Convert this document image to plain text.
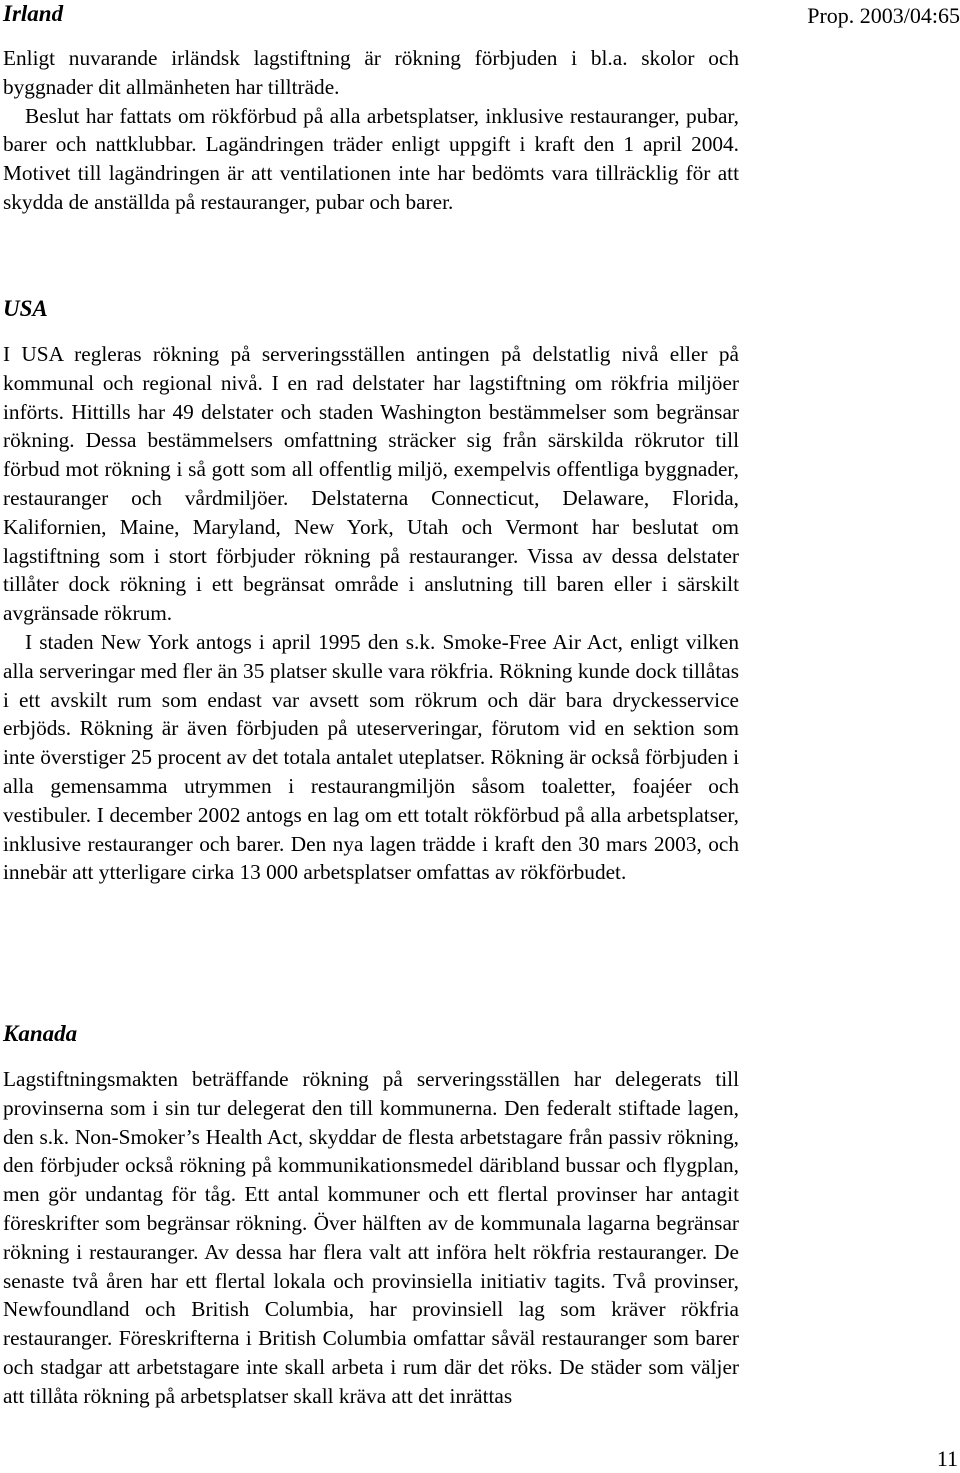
Prop. 2003/04:65
Irland

Enligt nuvarande irländsk lagstiftning är rökning förbjuden i bl.a. skolor och byggnader dit allmänheten har tillträde.

Beslut har fattats om rökförbud på alla arbetsplatser, inklusive restauranger, pubar, barer och nattklubbar. Lagändringen träder enligt uppgift i kraft den 1 april 2004. Motivet till lagändringen är att ventilationen inte har bedömts vara tillräcklig för att skydda de anställda på restauranger, pubar och barer.

USA

I USA regleras rökning på serveringsställen antingen på delstatlig nivå eller på kommunal och regional nivå. I en rad delstater har lagstiftning om rökfria miljöer införts. Hittills har 49 delstater och staden Washington bestämmelser som begränsar rökning. Dessa bestämmelsers omfattning sträcker sig från särskilda rökrutor till förbud mot rökning i så gott som all offentlig miljö, exempelvis offentliga byggnader, restauranger och vårdmiljöer. Delstaterna Connecticut, Delaware, Florida, Kalifornien, Maine, Maryland, New York, Utah och Vermont har beslutat om lagstiftning som i stort förbjuder rökning på restauranger. Vissa av dessa delstater tillåter dock rökning i ett begränsat område i anslutning till baren eller i särskilt avgränsade rökrum.

I staden New York antogs i april 1995 den s.k. Smoke-Free Air Act, enligt vilken alla serveringar med fler än 35 platser skulle vara rökfria. Rökning kunde dock tillåtas i ett avskilt rum som endast var avsett som rökrum och där bara dryckesservice erbjöds. Rökning är även förbjuden på uteserveringar, förutom vid en sektion som inte överstiger 25 procent av det totala antalet uteplatser. Rökning är också förbjuden i alla gemensamma utrymmen i restaurangmiljön såsom toaletter, foajéer och vestibuler. I december 2002 antogs en lag om ett totalt rökförbud på alla arbetsplatser, inklusive restauranger och barer. Den nya lagen trädde i kraft den 30 mars 2003, och innebär att ytterligare cirka 13 000 arbetsplatser omfattas av rökförbudet.

Kanada

Lagstiftningsmakten beträffande rökning på serveringsställen har delegerats till provinserna som i sin tur delegerat den till kommunerna. Den federalt stiftade lagen, den s.k. Non-Smoker’s Health Act, skyddar de flesta arbetstagare från passiv rökning, den förbjuder också rökning på kommunikationsmedel däribland bussar och flygplan, men gör undantag för tåg. Ett antal kommuner och ett flertal provinser har antagit föreskrifter som begränsar rökning. Över hälften av de kommunala lagarna begränsar rökning i restauranger. Av dessa har flera valt att införa helt rökfria restauranger. De senaste två åren har ett flertal lokala och provinsiella initiativ tagits. Två provinser, Newfoundland och British Columbia, har provinsiell lag som kräver rökfria restauranger. Föreskrifterna i British Columbia omfattar såväl restauranger som barer och stadgar att arbetstagare inte skall arbeta i rum där det röks. De städer som väljer att tillåta rökning på arbetsplatser skall kräva att det inrättas

11
